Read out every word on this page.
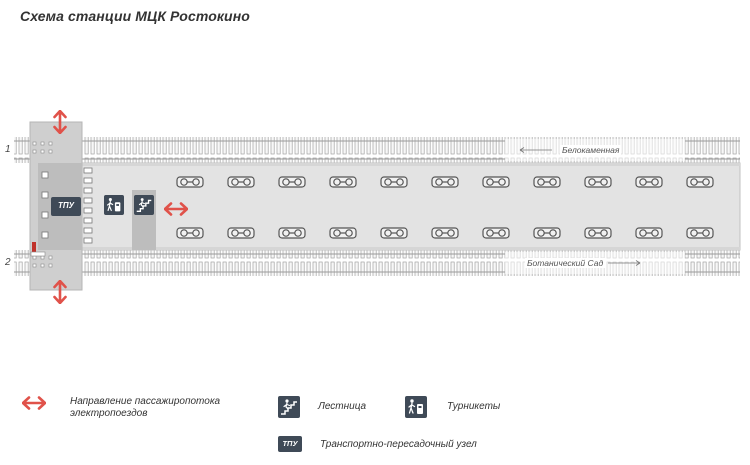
Схема станции МЦК Ростокино
1
2
Белокаменная
Ботанический Сад
ТПУ
Направление пассажиропотока
электропоездов
Лестница	Турникеты
ТПУ	Транспортно-пересадочный узел
